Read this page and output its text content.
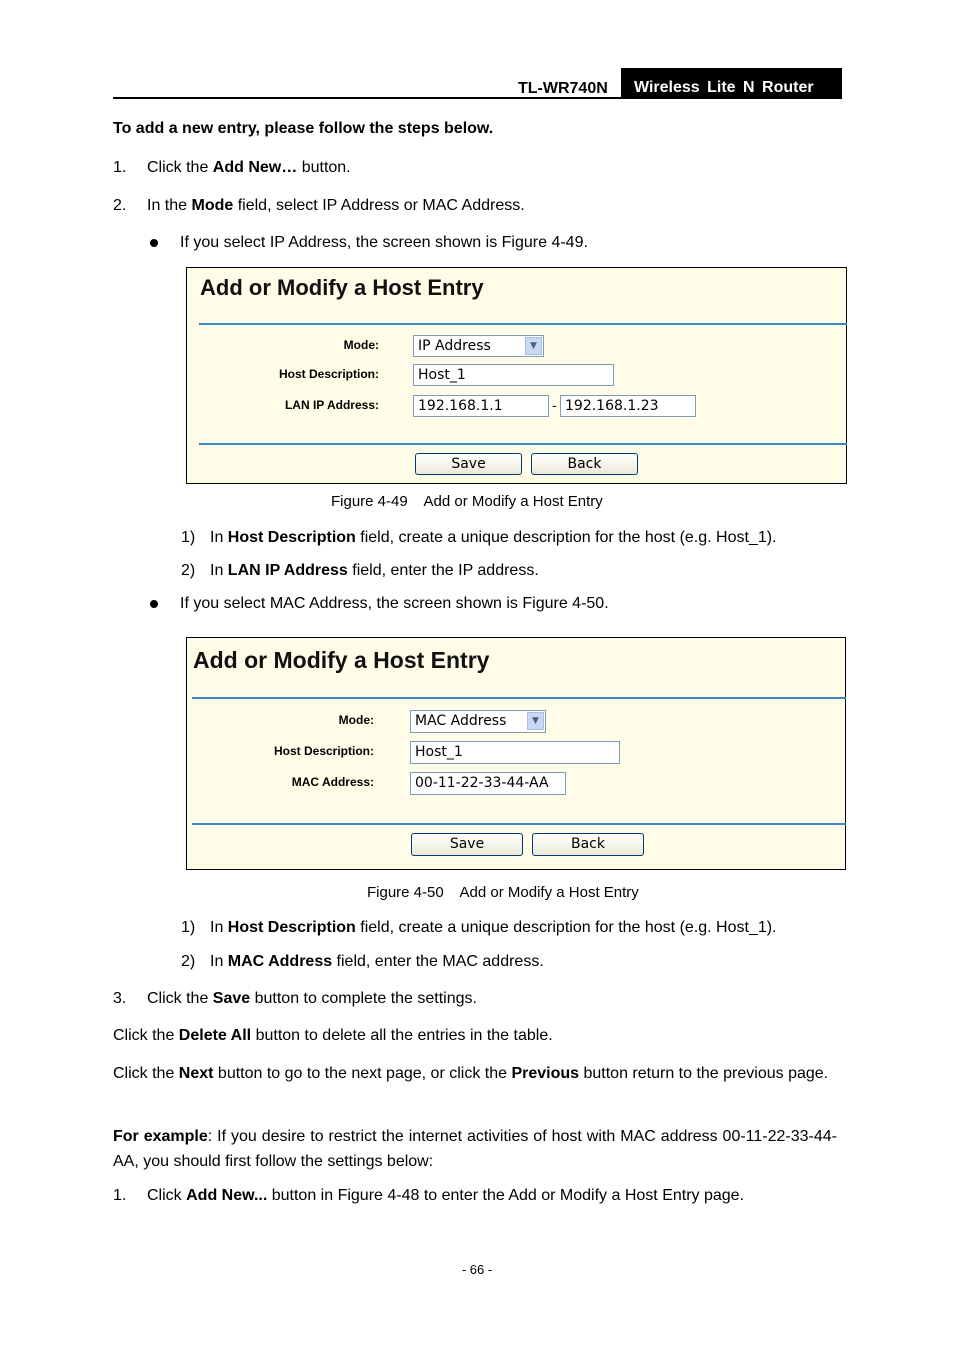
TL-WR740N	Wireless Lite N Router
To add a new entry, please follow the steps below.
1. Click the Add New… button.
2. In the Mode field, select IP Address or MAC Address.
If you select IP Address, the screen shown is Figure 4-49.
Add or Modify a Host Entry
Mode:	IP Address	▼
Host Description:	Host_1
LAN IP Address:	192.168.1.1	- 192.168.1.23
Save	Back
Figure 4-49    Add or Modify a Host Entry
1) In Host Description field, create a unique description for the host (e.g. Host_1).
2) In LAN IP Address field, enter the IP address.
If you select MAC Address, the screen shown is Figure 4-50.
Add or Modify a Host Entry
Mode:	MAC Address	▼
Host Description:	Host_1
MAC Address:	00-11-22-33-44-AA
Save	Back
Figure 4-50    Add or Modify a Host Entry
1) In Host Description field, create a unique description for the host (e.g. Host_1).
2) In MAC Address field, enter the MAC address.
3. Click the Save button to complete the settings.
Click the Delete All button to delete all the entries in the table.
Click the Next button to go to the next page, or click the Previous button return to the previous page.
For example: If you desire to restrict the internet activities of host with MAC address 00-11-22-33-44-AA, you should first follow the settings below:
1. Click Add New... button in Figure 4-48 to enter the Add or Modify a Host Entry page.
- 66 -
